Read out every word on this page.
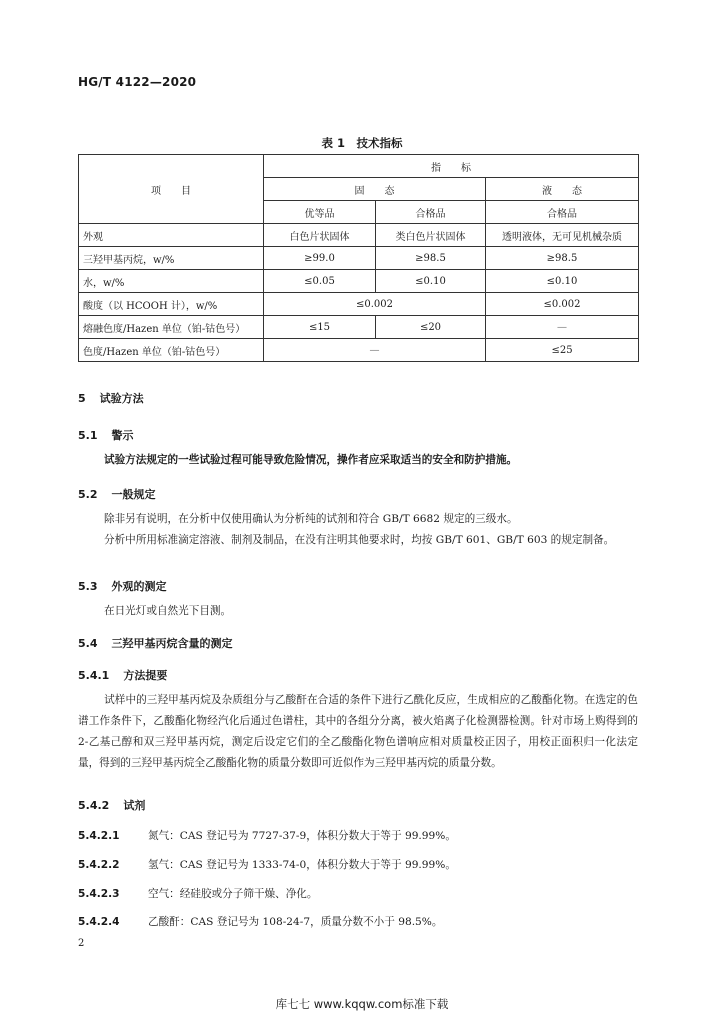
HG/T 4122—2020
表 1　技术指标
项　　目	指　　标		
	固　　态		液　　态
	优等品	合格品	合格品
外观	白色片状固体	类白色片状固体	透明液体，无可见机械杂质
三羟甲基丙烷，w/%	≥99.0	≥98.5	≥98.5
水，w/%	≤0.05	≤0.10	≤0.10
酸度（以 HCOOH 计），w/%	≤0.002		≤0.002
熔融色度/Hazen 单位（铂-钴色号）	≤15	≤20	—
色度/Hazen 单位（铂-钴色号）	—		≤25
5 试验方法
5.1 警示
试验方法规定的一些试验过程可能导致危险情况，操作者应采取适当的安全和防护措施。
5.2 一般规定
除非另有说明，在分析中仅使用确认为分析纯的试剂和符合 GB/T 6682 规定的三级水。
分析中所用标准滴定溶液、制剂及制品，在没有注明其他要求时，均按 GB/T 601、GB/T 603 的规定制备。
5.3 外观的测定
在日光灯或自然光下目测。
5.4 三羟甲基丙烷含量的测定
5.4.1 方法提要
试样中的三羟甲基丙烷及杂质组分与乙酸酐在合适的条件下进行乙酰化反应，生成相应的乙酸酯化物。在选定的色谱工作条件下，乙酸酯化物经汽化后通过色谱柱，其中的各组分分离，被火焰离子化检测器检测。针对市场上购得到的 2-乙基己醇和双三羟甲基丙烷，测定后设定它们的全乙酸酯化物色谱响应相对质量校正因子，用校正面积归一化法定量，得到的三羟甲基丙烷全乙酸酯化物的质量分数即可近似作为三羟甲基丙烷的质量分数。
5.4.2 试剂
5.4.2.1	氮气：CAS 登记号为 7727-37-9，体积分数大于等于 99.99%。
5.4.2.2	氢气：CAS 登记号为 1333-74-0，体积分数大于等于 99.99%。
5.4.2.3	空气：经硅胶或分子筛干燥、净化。
5.4.2.4	乙酸酐：CAS 登记号为 108-24-7，质量分数不小于 98.5%。
2
库七七 www.kqqw.com标准下载
